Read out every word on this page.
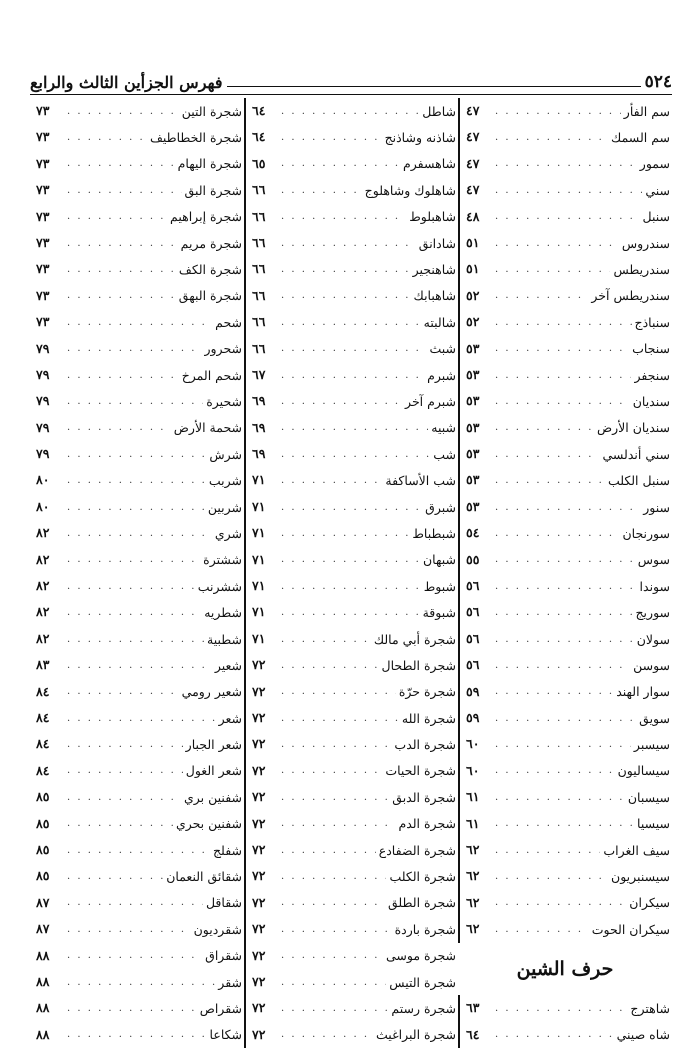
٥٢٤
فهرس الجزأين الثالث والرابع
سم الفأر
. . .
٤٧
سم السمك
. . .
٤٧
سمور
. . .
٤٧
سني
. . .
٤٧
سنبل
. . .
٤٨
سندروس
. . .
٥١
سندريطس
. . .
٥١
سندريطس آخر
. . .
٥٢
سنباذج
. . .
٥٢
سنجاب
. . .
٥٣
سنجفر
. . .
٥٣
سنديان
. . .
٥٣
سنديان الأرض
. . .
٥٣
سني أندلسي
. . .
٥٣
سنبل الكلب
. . .
٥٣
سنور
. . .
٥٣
سورنجان
. . .
٥٤
سوس
. . .
٥٥
سوندا
. . .
٥٦
سوريج
. . .
٥٦
سولان
. . .
٥٦
سوسن
. . .
٥٦
سوار الهند
. . .
٥٩
سويق
. . .
٥٩
سيسبر
. . .
٦٠
سيساليون
. . .
٦٠
سيسبان
. . .
٦١
سيسيا
. . .
٦١
سيف الغراب
. . .
٦٢
سيسنبريون
. . .
٦٢
سيكران
. . .
٦٢
سيكران الحوت
. . .
٦٢
حرف الشين
شاهترج
. . .
٦٣
شاه صيني
. . .
٦٤
شاطل
. . .
٦٤
شاذنه وشاذنج
. . .
٦٤
شاهسفرم
. . .
٦٥
شاهلوك وشاهلوج
. . .
٦٦
شاهبلوط
. . .
٦٦
شادانق
. . .
٦٦
شاهنجير
. . .
٦٦
شاهبابك
. . .
٦٦
شالبته
. . .
٦٦
شبث
. . .
٦٦
شبرم
. . .
٦٧
شبرم آخر
. . .
٦٩
شبيه
. . .
٦٩
شب
. . .
٦٩
شب الأساكفة
. . .
٧١
شبرق
. . .
٧١
شبطباط
. . .
٧١
شبهان
. . .
٧١
شبوط
. . .
٧١
شبوقة
. . .
٧١
شجرة أبي مالك
. . .
٧١
شجرة الطحال
. . .
٧٢
شجرة حرّة
. . .
٧٢
شجرة الله
. . .
٧٢
شجرة الدب
. . .
٧٢
شجرة الحيات
. . .
٧٢
شجرة الدبق
. . .
٧٢
شجرة الدم
. . .
٧٢
شجرة الضفادع
. . .
٧٢
شجرة الكلب
. . .
٧٢
شجرة الطلق
. . .
٧٢
شجرة باردة
. . .
٧٢
شجرة موسى
. . .
٧٢
شجرة التيس
. . .
٧٢
شجرة رستم
. . .
٧٢
شجرة البراغيث
. . .
٧٢
شجرة التين
. . .
٧٣
شجرة الخطاطيف
. . .
٧٣
شجرة اليهام
. . .
٧٣
شجرة البق
. . .
٧٣
شجرة إبراهيم
. . .
٧٣
شجرة مريم
. . .
٧٣
شجرة الكف
. . .
٧٣
شجرة البهق
. . .
٧٣
شحم
. . .
٧٣
شحرور
. . .
٧٩
شحم المرخ
. . .
٧٩
شحيرة
. . .
٧٩
شحمة الأرض
. . .
٧٩
شرش
. . .
٧٩
شربب
. . .
٨٠
شربين
. . .
٨٠
شري
. . .
٨٢
ششترة
. . .
٨٢
ششرنب
. . .
٨٢
شطريه
. . .
٨٢
شطبية
. . .
٨٢
شعير
. . .
٨٣
شعير رومي
. . .
٨٤
شعر
. . .
٨٤
شعر الجبار
. . .
٨٤
شعر الغول
. . .
٨٤
شفنين بري
. . .
٨٥
شفنين بحري
. . .
٨٥
شفلج
. . .
٨٥
شقائق النعمان
. . .
٨٥
شقاقل
. . .
٨٧
شقرديون
. . .
٨٧
شقراق
. . .
٨٨
شقر
. . .
٨٨
شقراص
. . .
٨٨
شكاعا
. . .
٨٨
